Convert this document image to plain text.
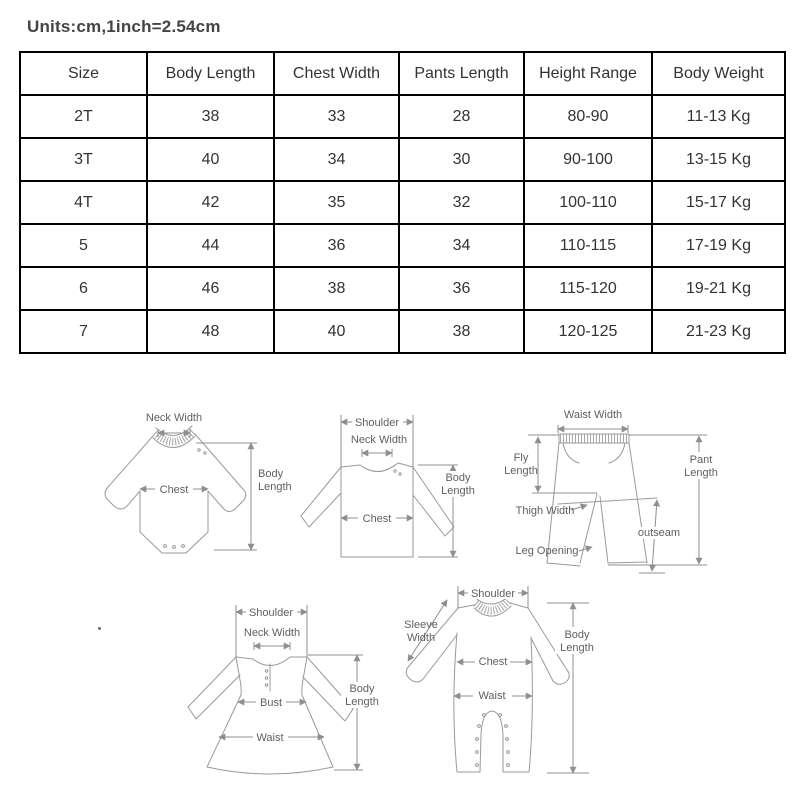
Units:cm,1inch=2.54cm
Size	Body Length	Chest Width	Pants Length	Height Range	Body Weight
2T	38	33	28	80-90	11-13 Kg
3T	40	34	30	90-100	13-15 Kg
4T	42	35	32	100-110	15-17 Kg
5	44	36	34	110-115	17-19 Kg
6	46	38	36	115-120	19-21 Kg
7	48	40	38	120-125	21-23 Kg
Neck Width
Chest
Body
Length
Shoulder
Neck Width
Chest
Body
Length
Waist Width
Fly
Length
Thigh Width
outseam
Leg Opening
Pant
Length
Shoulder
Neck Width
Bust
Waist
Body
Length
Shoulder
Sleeve
Width
Chest
Waist
Body
Length
